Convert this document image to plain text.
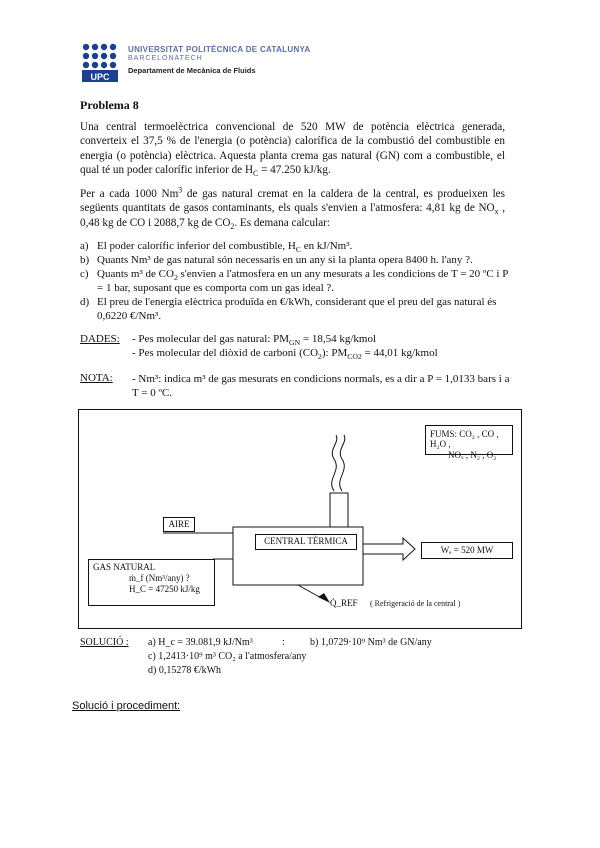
UPC
UNIVERSITAT POLITÈCNICA DE CATALUNYA
BARCELONATECH
Departament de Mecànica de Fluids
Problema 8
Una central termoelèctrica convencional de 520 MW de potència elèctrica generada, converteix el 37,5 % de l'energia (o potència) calorífica de la combustió del combustible en energia (o potència) elèctrica. Aquesta planta crema gas natural (GN) com a combustible, el qual té un poder calorífic inferior de $H_C = 47.250$ kJ/kg.
Per a cada 1000 Nm$^3$ de gas natural cremat en la caldera de la central, es produeixen les següents quantitats de gasos contaminants, els quals s'envien a l'atmosfera: 4,81 kg de $NO_x$ , 0,48 kg de CO i 2088,7 kg de $CO_2$. Es demana calcular:
a) El poder calorífic inferior del combustible, $H_C$ en kJ/Nm³.
b) Quants Nm³ de gas natural són necessaris en un any si la planta opera 8400 h. l'any ?.
c) Quants m³ de $CO_2$ s'envien a l'atmosfera en un any mesurats a les condicions de T = 20 ºC i P = 1 bar, suposant que es comporta com un gas ideal ?.
d) El preu de l'energia elèctrica produïda en €/kWh, considerant que el preu del gas natural és 0,6220 €/Nm³.
DADES: - Pes molecular del gas natural: $PM_{GN} = 18,54$ kg/kmol
- Pes molecular del diòxid de carboni $(CO_2)$: $PM_{CO2} = 44,01$ kg/kmol
NOTA: - Nm³: indica m³ de gas mesurats en condicions normals, es a dir a P = 1,0133 bars i a T = 0 ºC.
FUMS: CO₂ , CO , H₂O ,
NOₓ , N₂ , O₂
AIRE
CENTRAL TÈRMICA
Wₑ = 520 MW
GAS NATURAL
ṁ_f (Nm³/any) ?
H_C = 47250 kJ/kg
Q̇_REF ( Refrigeració de la central )
SOLUCIÓ : a) H_c = 39.081,9 kJ/Nm³	:	b) 1,0729·10⁹ Nm³ de GN/any
c) 1,2413·10⁹ m³ CO₂ a l'atmosfera/any
d) 0,15278 €/kWh
Solució i procediment:
